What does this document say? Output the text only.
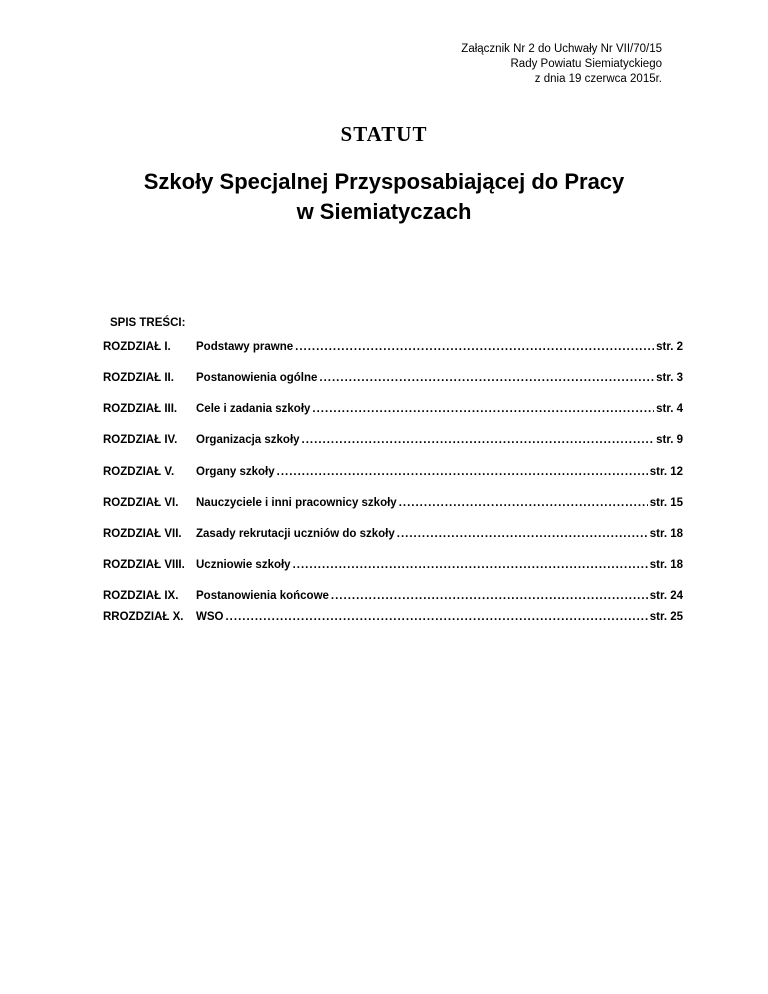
Załącznik Nr 2 do Uchwały Nr VII/70/15
Rady Powiatu Siemiatyckiego
z dnia 19 czerwca 2015r.
STATUT
Szkoły Specjalnej Przysposabiającej do Pracy
w Siemiatyczach
SPIS TREŚCI:
ROZDZIAŁ I.	Podstawy prawne .....	str. 2
ROZDZIAŁ II.	Postanowienia ogólne .....	str. 3
ROZDZIAŁ III.	Cele i zadania szkoły .....	str. 4
ROZDZIAŁ IV.	Organizacja szkoły .....	str. 9
ROZDZIAŁ V.	Organy szkoły .....	str. 12
ROZDZIAŁ VI.	Nauczyciele i inni pracownicy szkoły .....	str. 15
ROZDZIAŁ VII.	Zasady rekrutacji uczniów do szkoły .....	str. 18
ROZDZIAŁ VIII. Uczniowie szkoły .....	str. 18
ROZDZIAŁ IX.	Postanowienia końcowe .....	str. 24
RROZDZIAŁ X.	WSO .....	str. 25
